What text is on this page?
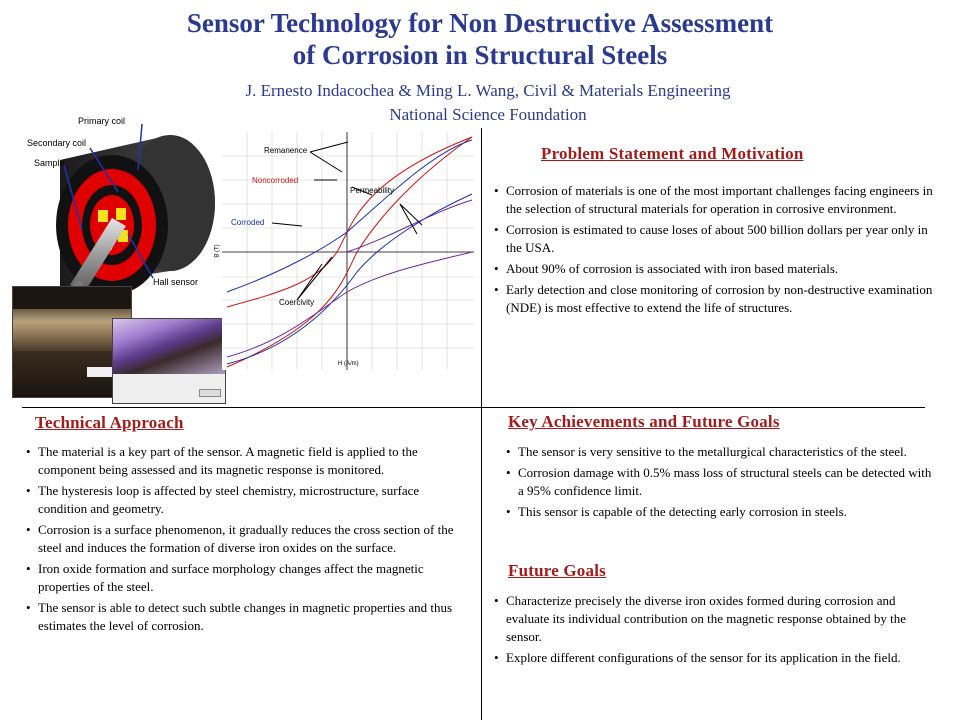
Sensor Technology for Non Destructive Assessment
of Corrosion in Structural Steels
J. Ernesto Indacochea & Ming L. Wang, Civil & Materials Engineering
National Science Foundation
Primary coil
Secondary coil
Sample
Hall sensor
Remanence
Noncorroded
Corroded
Permeability
Coercivity
B (T)
H (A/m)
Problem Statement and Motivation
• Corrosion of materials is one of the most important challenges facing engineers in the selection of structural materials for operation in corrosive environment.
• Corrosion is estimated to cause loses of about 500 billion dollars per year only in the USA.
• About 90% of corrosion is associated with iron based materials.
• Early detection and close monitoring of corrosion by non-destructive examination (NDE) is most effective to extend the life of structures.
Technical Approach
• The material is a key part of the sensor. A magnetic field is applied to the component being assessed and its magnetic response is monitored.
• The hysteresis loop is affected by steel chemistry, microstructure, surface condition and geometry.
• Corrosion is a surface phenomenon, it gradually reduces the cross section of the steel and induces the formation of diverse iron oxides on the surface.
• Iron oxide formation and surface morphology changes affect the magnetic properties of the steel.
• The sensor is able to detect such subtle changes in magnetic properties and thus estimates the level of corrosion.
Key Achievements and Future Goals
• The sensor is very sensitive to the metallurgical characteristics of the steel.
• Corrosion damage with 0.5% mass loss of structural steels can be detected with a 95% confidence limit.
• This sensor is capable of the detecting early corrosion in steels.
Future Goals
• Characterize precisely the diverse iron oxides formed during corrosion and evaluate its individual contribution on the magnetic response obtained by the sensor.
• Explore different configurations of the sensor for its application in the field.
